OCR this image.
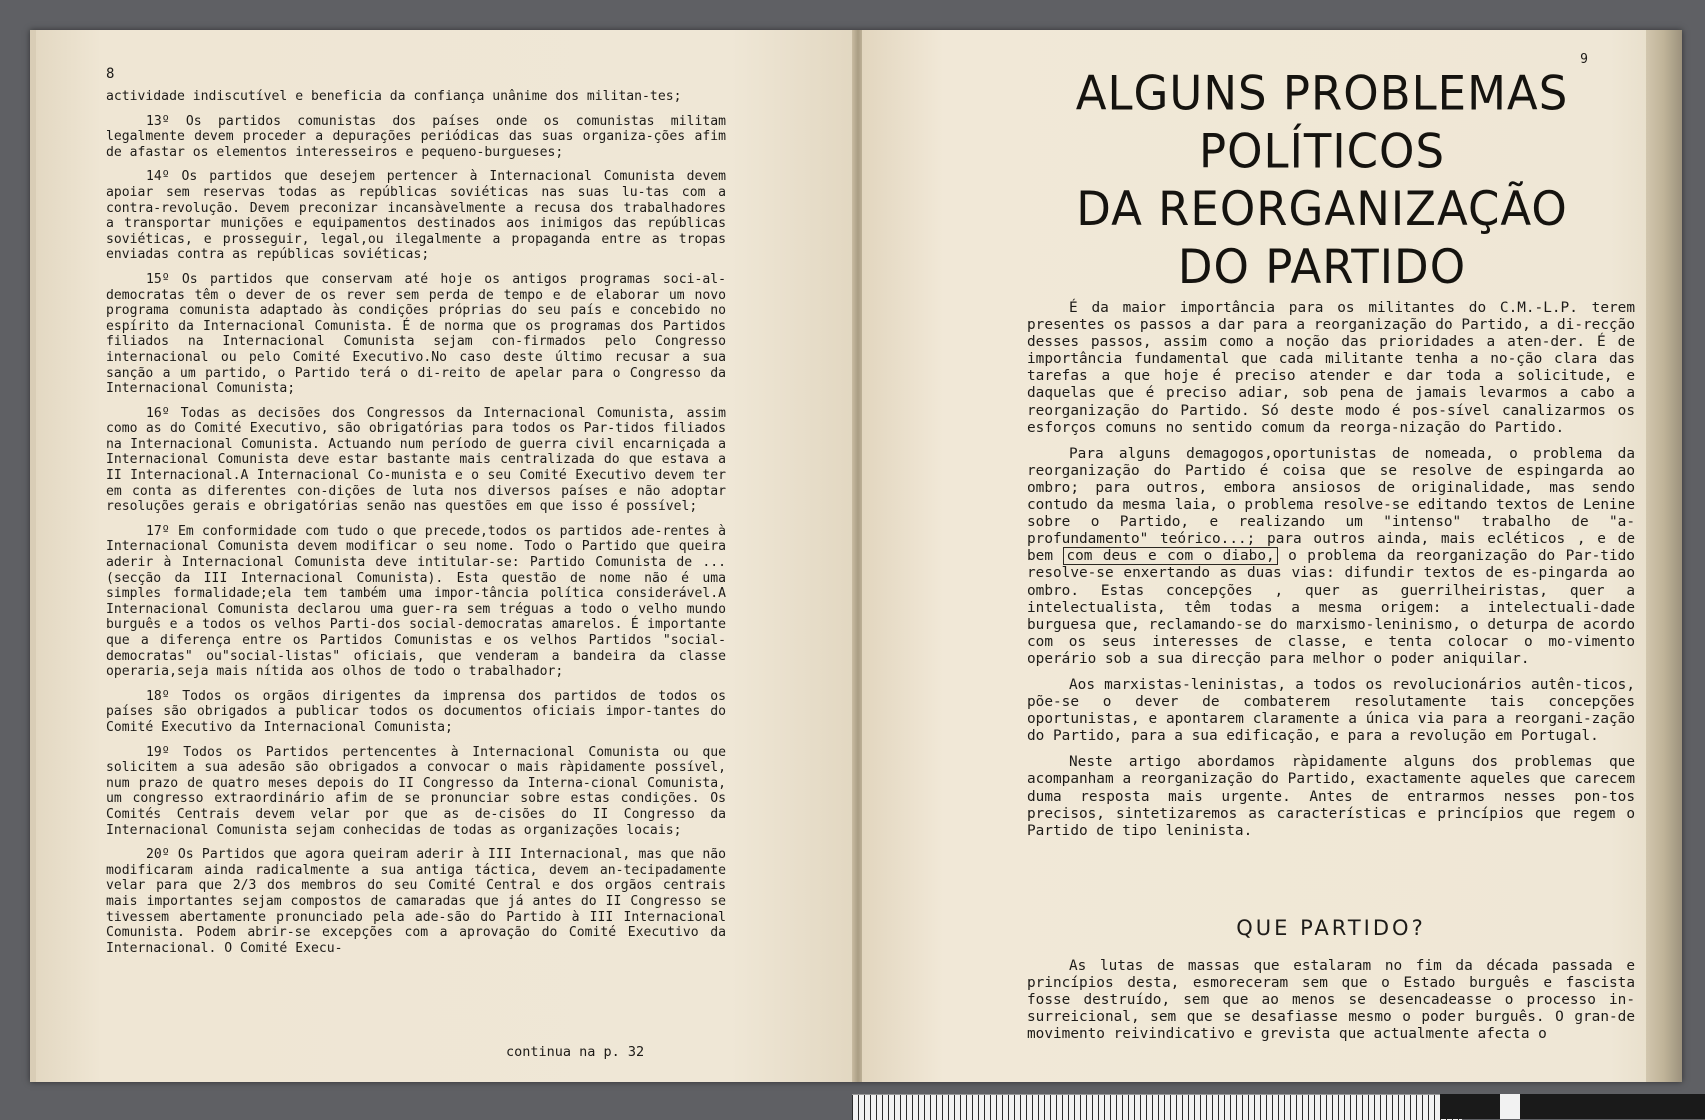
8

actividade indiscutível e beneficia da confiança unânime dos militan-tes;

13º Os partidos comunistas dos países onde os comunistas militam legalmente devem proceder a depurações periódicas das suas organiza-ções afim de afastar os elementos interesseiros e pequeno-burgueses;

14º Os partidos que desejem pertencer à Internacional Comunista devem apoiar sem reservas todas as repúblicas soviéticas nas suas lu-tas com a contra-revolução. Devem preconizar incansàvelmente a recusa dos trabalhadores a transportar munições e equipamentos destinados aos inimigos das repúblicas soviéticas, e prosseguir, legal,ou ilegalmente a propaganda entre as tropas enviadas contra as repúblicas soviéticas;

15º Os partidos que conservam até hoje os antigos programas soci-al-democratas têm o dever de os rever sem perda de tempo e de elaborar um novo programa comunista adaptado às condições próprias do seu país e concebido no espírito da Internacional Comunista. É de norma que os programas dos Partidos filiados na Internacional Comunista sejam con-firmados pelo Congresso internacional ou pelo Comité Executivo.No caso deste último recusar a sua sanção a um partido, o Partido terá o di-reito de apelar para o Congresso da Internacional Comunista;

16º Todas as decisões dos Congressos da Internacional Comunista, assim como as do Comité Executivo, são obrigatórias para todos os Par-tidos filiados na Internacional Comunista. Actuando num período de guerra civil encarniçada a Internacional Comunista deve estar bastante mais centralizada do que estava a II Internacional.A Internacional Co-munista e o seu Comité Executivo devem ter em conta as diferentes con-dições de luta nos diversos países e não adoptar resoluções gerais e obrigatórias senão nas questões em que isso é possível;

17º Em conformidade com tudo o que precede,todos os partidos ade-rentes à Internacional Comunista devem modificar o seu nome. Todo o Partido que queira aderir à Internacional Comunista deve intitular-se: Partido Comunista de ...(secção da III Internacional Comunista). Esta questão de nome não é uma simples formalidade;ela tem também uma impor-tância política considerável.A Internacional Comunista declarou uma guer-ra sem tréguas a todo o velho mundo burguês e a todos os velhos Parti-dos social-democratas amarelos. É importante que a diferença entre os Partidos Comunistas e os velhos Partidos "social-democratas" ou"social-listas" oficiais, que venderam a bandeira da classe operaria,seja mais nítida aos olhos de todo o trabalhador;

18º Todos os orgãos dirigentes da imprensa dos partidos de todos os países são obrigados a publicar todos os documentos oficiais impor-tantes do Comité Executivo da Internacional Comunista;

19º Todos os Partidos pertencentes à Internacional Comunista ou que solicitem a sua adesão são obrigados a convocar o mais ràpidamente possível, num prazo de quatro meses depois do II Congresso da Interna-cional Comunista, um congresso extraordinário afim de se pronunciar sobre estas condições. Os Comités Centrais devem velar por que as de-cisões do II Congresso da Internacional Comunista sejam conhecidas de todas as organizações locais;

20º Os Partidos que agora queiram aderir à III Internacional, mas que não modificaram ainda radicalmente a sua antiga táctica, devem an-tecipadamente velar para que 2/3 dos membros do seu Comité Central e dos orgãos centrais mais importantes sejam compostos de camaradas que já antes do II Congresso se tivessem abertamente pronunciado pela ade-são do Partido à III Internacional Comunista. Podem abrir-se excepções com a aprovação do Comité Executivo da Internacional. O Comité Execu-

continua na p. 32
9
ALGUNS PROBLEMAS
POLÍTICOS
DA REORGANIZAÇÃO
DO PARTIDO

É da maior importância para os militantes do C.M.-L.P. terem presentes os passos a dar para a reorganização do Partido, a di-recção desses passos, assim como a noção das prioridades a aten-der. É de importância fundamental que cada militante tenha a no-ção clara das tarefas a que hoje é preciso atender e dar toda a solicitude, e daquelas que é preciso adiar, sob pena de jamais levarmos a cabo a reorganização do Partido. Só deste modo é pos-sível canalizarmos os esforços comuns no sentido comum da reorga-nização do Partido.

Para alguns demagogos,oportunistas de nomeada, o problema da reorganização do Partido é coisa que se resolve de espingarda ao ombro; para outros, embora ansiosos de originalidade, mas sendo contudo da mesma laia, o problema resolve-se editando textos de Lenine sobre o Partido, e realizando um "intenso" trabalho de "a-profundamento" teórico...; para outros ainda, mais ecléticos , e de bem com deus e com o diabo, o problema da reorganização do Par-tido resolve-se enxertando as duas vias: difundir textos de es-pingarda ao ombro. Estas concepções , quer as guerrilheiristas, quer a intelectualista, têm todas a mesma origem: a intelectuali-dade burguesa que, reclamando-se do marxismo-leninismo, o deturpa de acordo com os seus interesses de classe, e tenta colocar o mo-vimento operário sob a sua direcção para melhor o poder aniquilar.

Aos marxistas-leninistas, a todos os revolucionários autên-ticos, põe-se o dever de combaterem resolutamente tais concepções oportunistas, e apontarem claramente a única via para a reorgani-zação do Partido, para a sua edificação, e para a revolução em Portugal.

Neste artigo abordamos ràpidamente alguns dos problemas que acompanham a reorganização do Partido, exactamente aqueles que carecem duma resposta mais urgente. Antes de entrarmos nesses pon-tos precisos, sintetizaremos as características e princípios que regem o Partido de tipo leninista.

QUE PARTIDO?

As lutas de massas que estalaram no fim da década passada e princípios desta, esmoreceram sem que o Estado burguês e fascista fosse destruído, sem que ao menos se desencadeasse o processo in-surreicional, sem que se desafiasse mesmo o poder burguês. O gran-de movimento reivindicativo e grevista que actualmente afecta o
